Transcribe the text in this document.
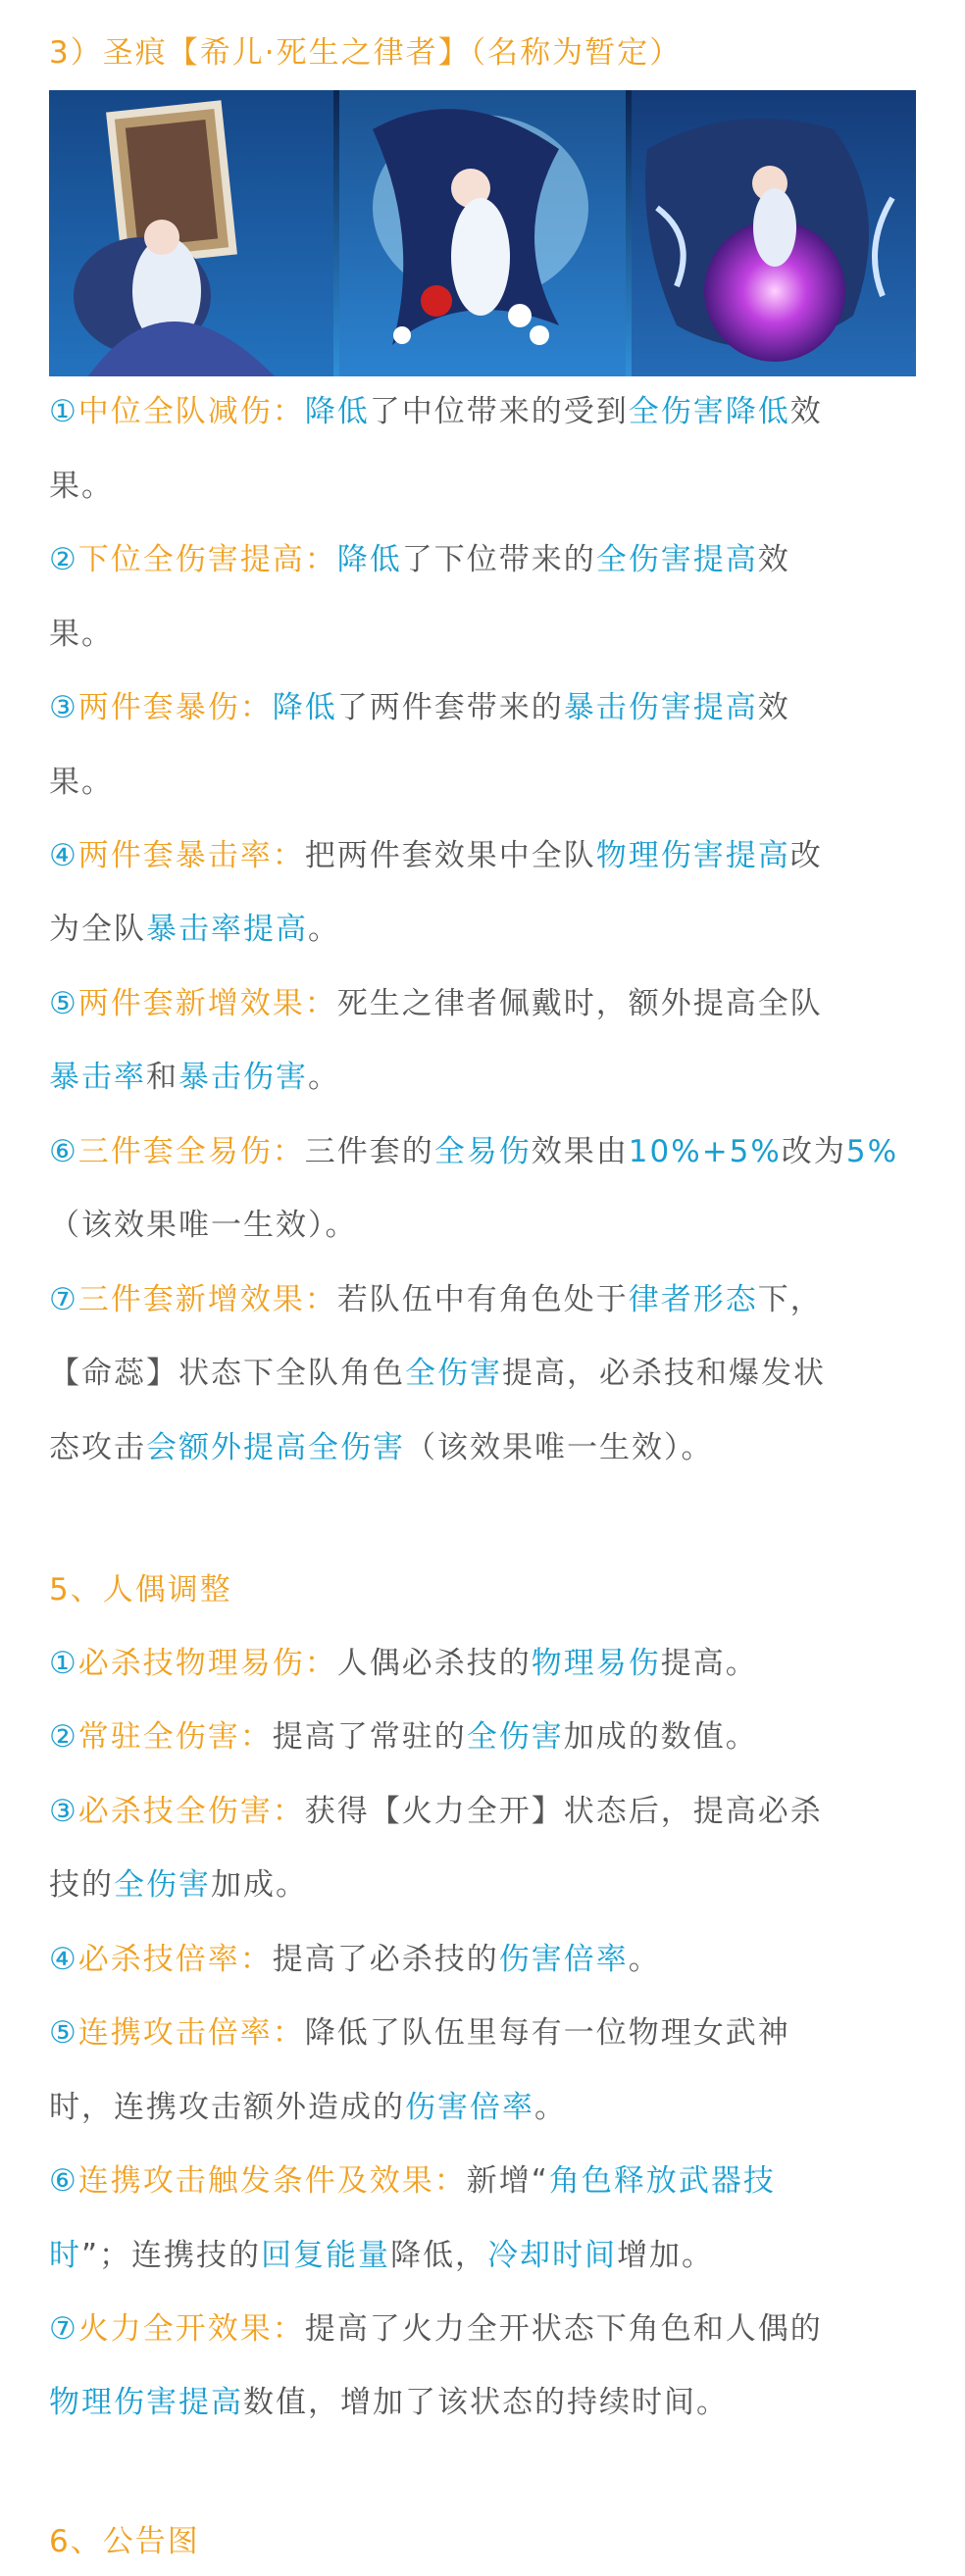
3）圣痕【希儿·死生之律者】（名称为暂定）
①中位全队减伤：降低了中位带来的受到全伤害降低效
果。
②下位全伤害提高：降低了下位带来的全伤害提高效
果。
③两件套暴伤：降低了两件套带来的暴击伤害提高效
果。
④两件套暴击率：把两件套效果中全队物理伤害提高改
为全队暴击率提高。
⑤两件套新增效果：死生之律者佩戴时，额外提高全队
暴击率和暴击伤害。
⑥三件套全易伤：三件套的全易伤效果由10%+5%改为5%
（该效果唯一生效）。
⑦三件套新增效果：若队伍中有角色处于律者形态下，
【命蕊】状态下全队角色全伤害提高，必杀技和爆发状
态攻击会额外提高全伤害（该效果唯一生效）。
5、人偶调整
①必杀技物理易伤：人偶必杀技的物理易伤提高。
②常驻全伤害：提高了常驻的全伤害加成的数值。
③必杀技全伤害：获得【火力全开】状态后，提高必杀
技的全伤害加成。
④必杀技倍率：提高了必杀技的伤害倍率。
⑤连携攻击倍率：降低了队伍里每有一位物理女武神
时，连携攻击额外造成的伤害倍率。
⑥连携攻击触发条件及效果：新增“角色释放武器技
时”；连携技的回复能量降低，冷却时间增加。
⑦火力全开效果：提高了火力全开状态下角色和人偶的
物理伤害提高数值，增加了该状态的持续时间。
6、公告图
